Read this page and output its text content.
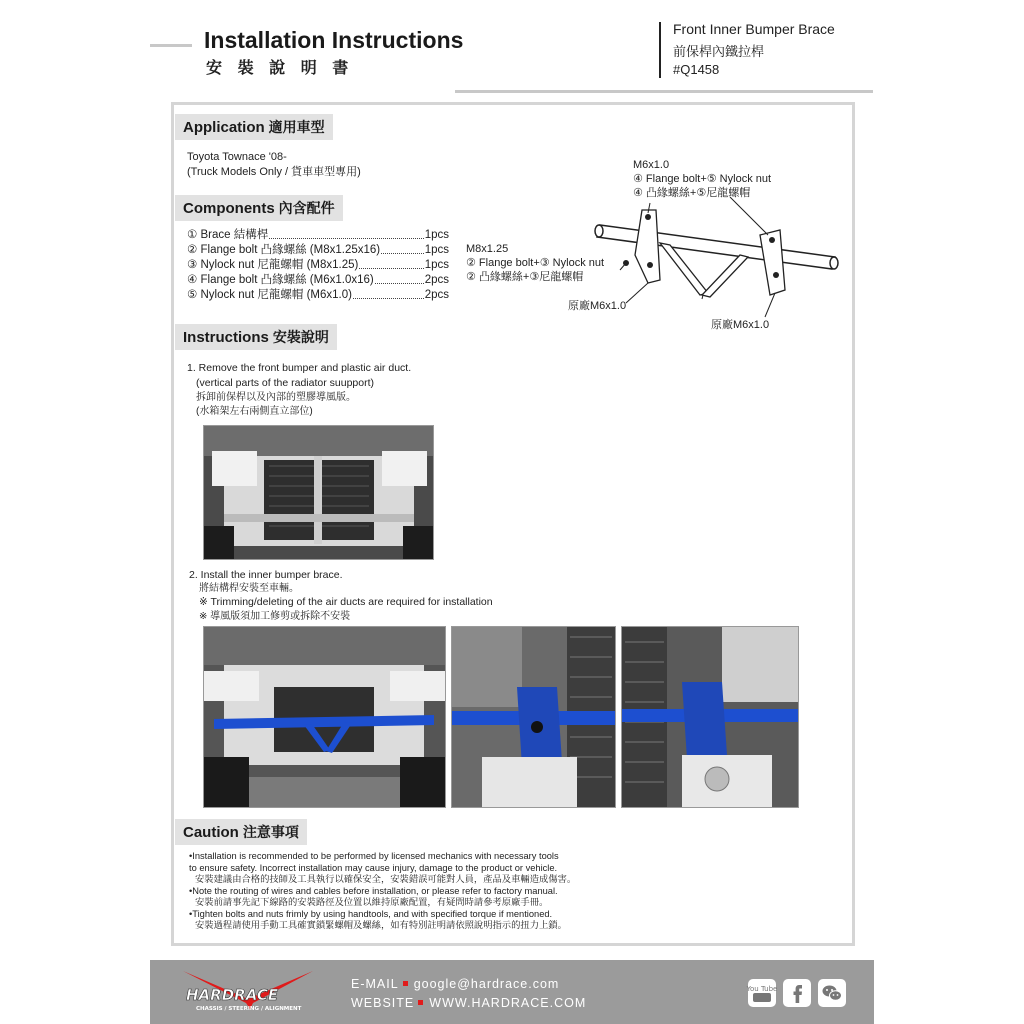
Installation Instructions
安 裝 說 明 書
Front Inner Bumper Brace
前保桿內鐵拉桿
#Q1458
Application 適用車型
Toyota Townace '08-
(Truck Models Only / 貨車車型專用)
Components 內含配件
① Brace 結構桿	1pcs
② Flange bolt 凸緣螺絲 (M8x1.25x16)	1pcs
③ Nylock nut 尼龍螺帽 (M8x1.25)	1pcs
④ Flange bolt 凸緣螺絲 (M6x1.0x16)	2pcs
⑤ Nylock nut 尼龍螺帽 (M6x1.0)	2pcs
M6x1.0
④ Flange bolt+⑤ Nylock nut
④ 凸緣螺絲+⑤尼龍螺帽
M8x1.25
② Flange bolt+③ Nylock nut
② 凸緣螺絲+③尼龍螺帽
原廠M6x1.0
原廠M6x1.0
Instructions 安裝說明
1. Remove the front bumper and plastic air duct.
(vertical parts of the radiator suupport)
拆卸前保桿以及內部的塑膠導風版。
(水箱架左右兩側直立部位)
2. Install the inner bumper brace.
將結構桿安裝至車輛。
※ Trimming/deleting of the air ducts are required for installation
※ 導風版須加工修剪或拆除不安裝
Caution 注意事項
•Installation is recommended to be performed by licensed mechanics with necessary tools
to ensure safety. Incorrect installation may cause injury, damage to the product or vehicle.
安裝建議由合格的技師及工具執行以確保安全，安裝錯誤可能對人員，產品及車輛造成傷害。
•Note the routing of wires and cables before installation, or please refer to factory manual.
安裝前請事先記下線路的安裝路徑及位置以維持原廠配置，有疑問時請參考原廠手冊。
•Tighten bolts and nuts frimly by using handtools, and with specified torque if mentioned.
安裝過程請使用手動工具確實鎖緊螺帽及螺絲，如有特別註明請依照說明指示的扭力上鎖。
HARDRACE
CHASSIS / STEERING / ALIGNMENT
E-MAIL google@hardrace.com
WEBSITE WWW.HARDRACE.COM
You Tube
